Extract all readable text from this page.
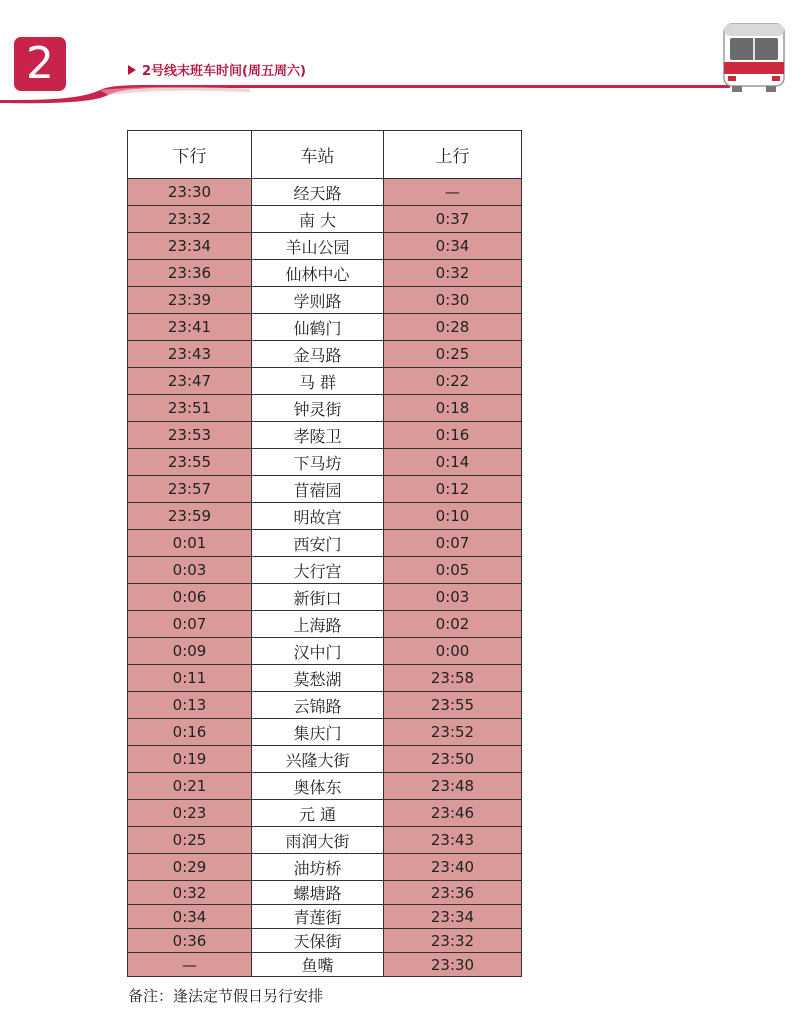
2	2号线末班车时间(周五周六)
下行	车站	上行
23:30	经天路	—
23:32	南 大	0:37
23:34	羊山公园	0:34
23:36	仙林中心	0:32
23:39	学则路	0:30
23:41	仙鹤门	0:28
23:43	金马路	0:25
23:47	马 群	0:22
23:51	钟灵街	0:18
23:53	孝陵卫	0:16
23:55	下马坊	0:14
23:57	苜蓿园	0:12
23:59	明故宫	0:10
0:01	西安门	0:07
0:03	大行宫	0:05
0:06	新街口	0:03
0:07	上海路	0:02
0:09	汉中门	0:00
0:11	莫愁湖	23:58
0:13	云锦路	23:55
0:16	集庆门	23:52
0:19	兴隆大街	23:50
0:21	奥体东	23:48
0:23	元 通	23:46
0:25	雨润大街	23:43
0:29	油坊桥	23:40
0:32	螺塘路	23:36
0:34	青莲街	23:34
0:36	天保街	23:32
—	鱼嘴	23:30
备注：逢法定节假日另行安排
